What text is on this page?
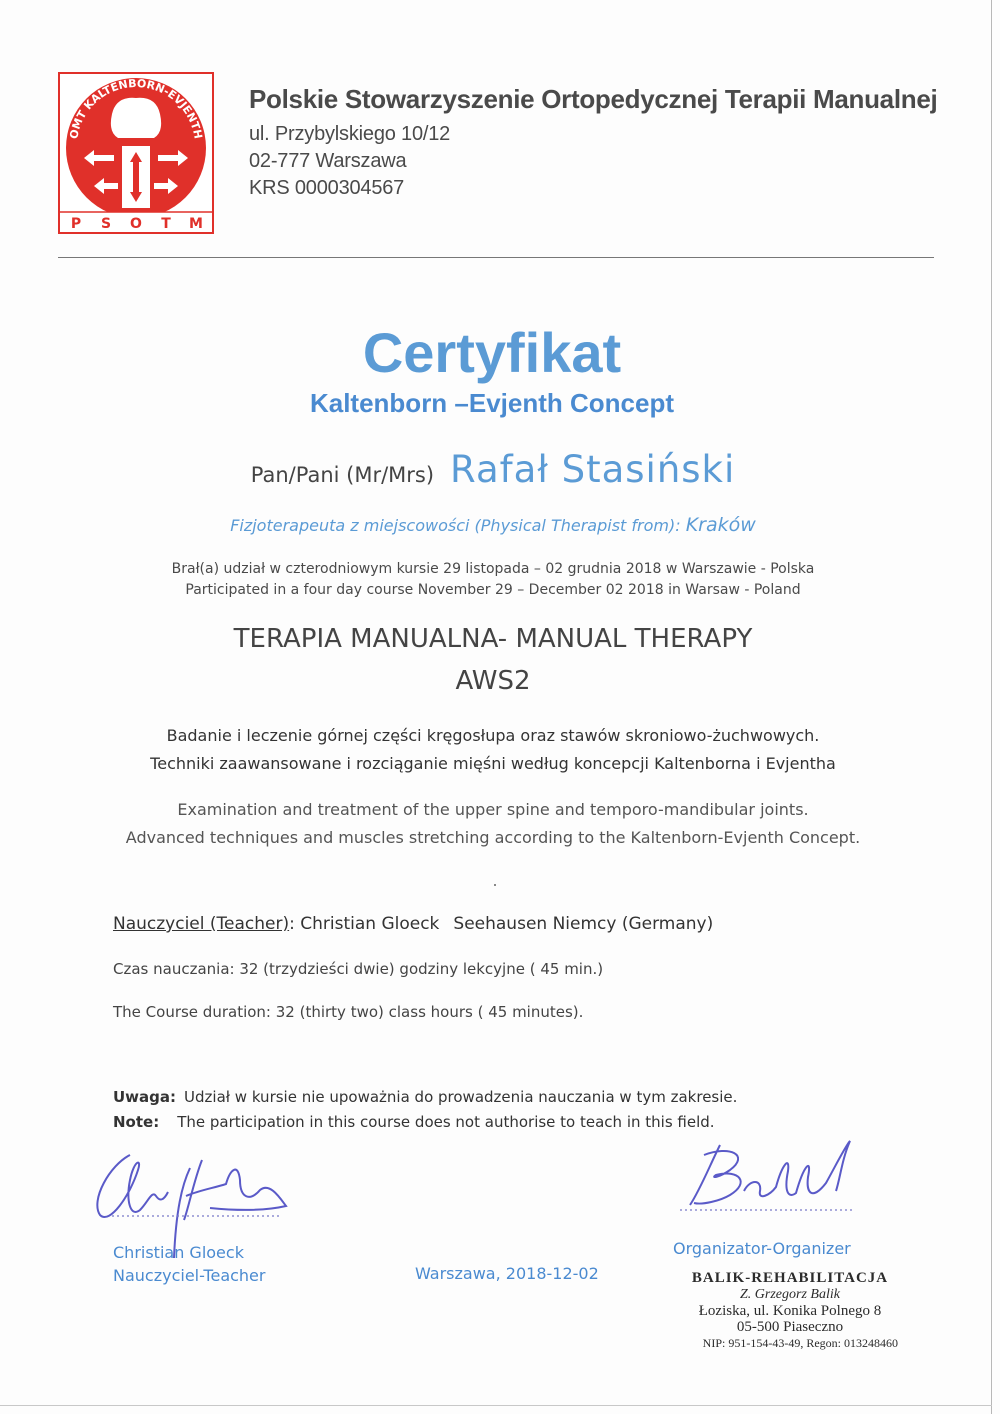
OMT KALTENBORN-EVJENTH
P S O T M
Polskie Stowarzyszenie Ortopedycznej Terapii Manualnej
ul. Przybylskiego 10/12
02-777 Warszawa
KRS 0000304567
Certyfikat
Kaltenborn –Evjenth Concept
Pan/Pani (Mr/Mrs) Rafał Stasiński
Fizjoterapeuta z miejscowości (Physical Therapist from): Kraków
Brał(a) udział w czterodniowym kursie 29 listopada – 02 grudnia 2018 w Warszawie - Polska
Participated in a four day course November 29 – December 02 2018 in Warsaw - Poland
TERAPIA MANUALNA- MANUAL THERAPY
AWS2
Badanie i leczenie górnej części kręgosłupa oraz stawów skroniowo-żuchwowych.
Techniki zaawansowane i rozciąganie mięśni według koncepcji Kaltenborna i Evjentha
Examination and treatment of the upper spine and temporo-mandibular joints.
Advanced techniques and muscles stretching according to the Kaltenborn-Evjenth Concept.
Nauczyciel (Teacher): Christian Gloeck Seehausen Niemcy (Germany)
Czas nauczania: 32 (trzydzieści dwie) godziny lekcyjne ( 45 min.)
The Course duration: 32 (thirty two) class hours ( 45 minutes).
Uwaga: Udział w kursie nie upoważnia do prowadzenia nauczania w tym zakresie.
Note: The participation in this course does not authorise to teach in this field.
Christian Gloeck
Nauczyciel-Teacher	Warszawa, 2018-12-02
Organizator-Organizer
BALIK-REHABILITACJA
Z. Grzegorz Balik
Łoziska, ul. Konika Polnego 8
05-500 Piaseczno
NIP: 951-154-43-49, Regon: 013248460
